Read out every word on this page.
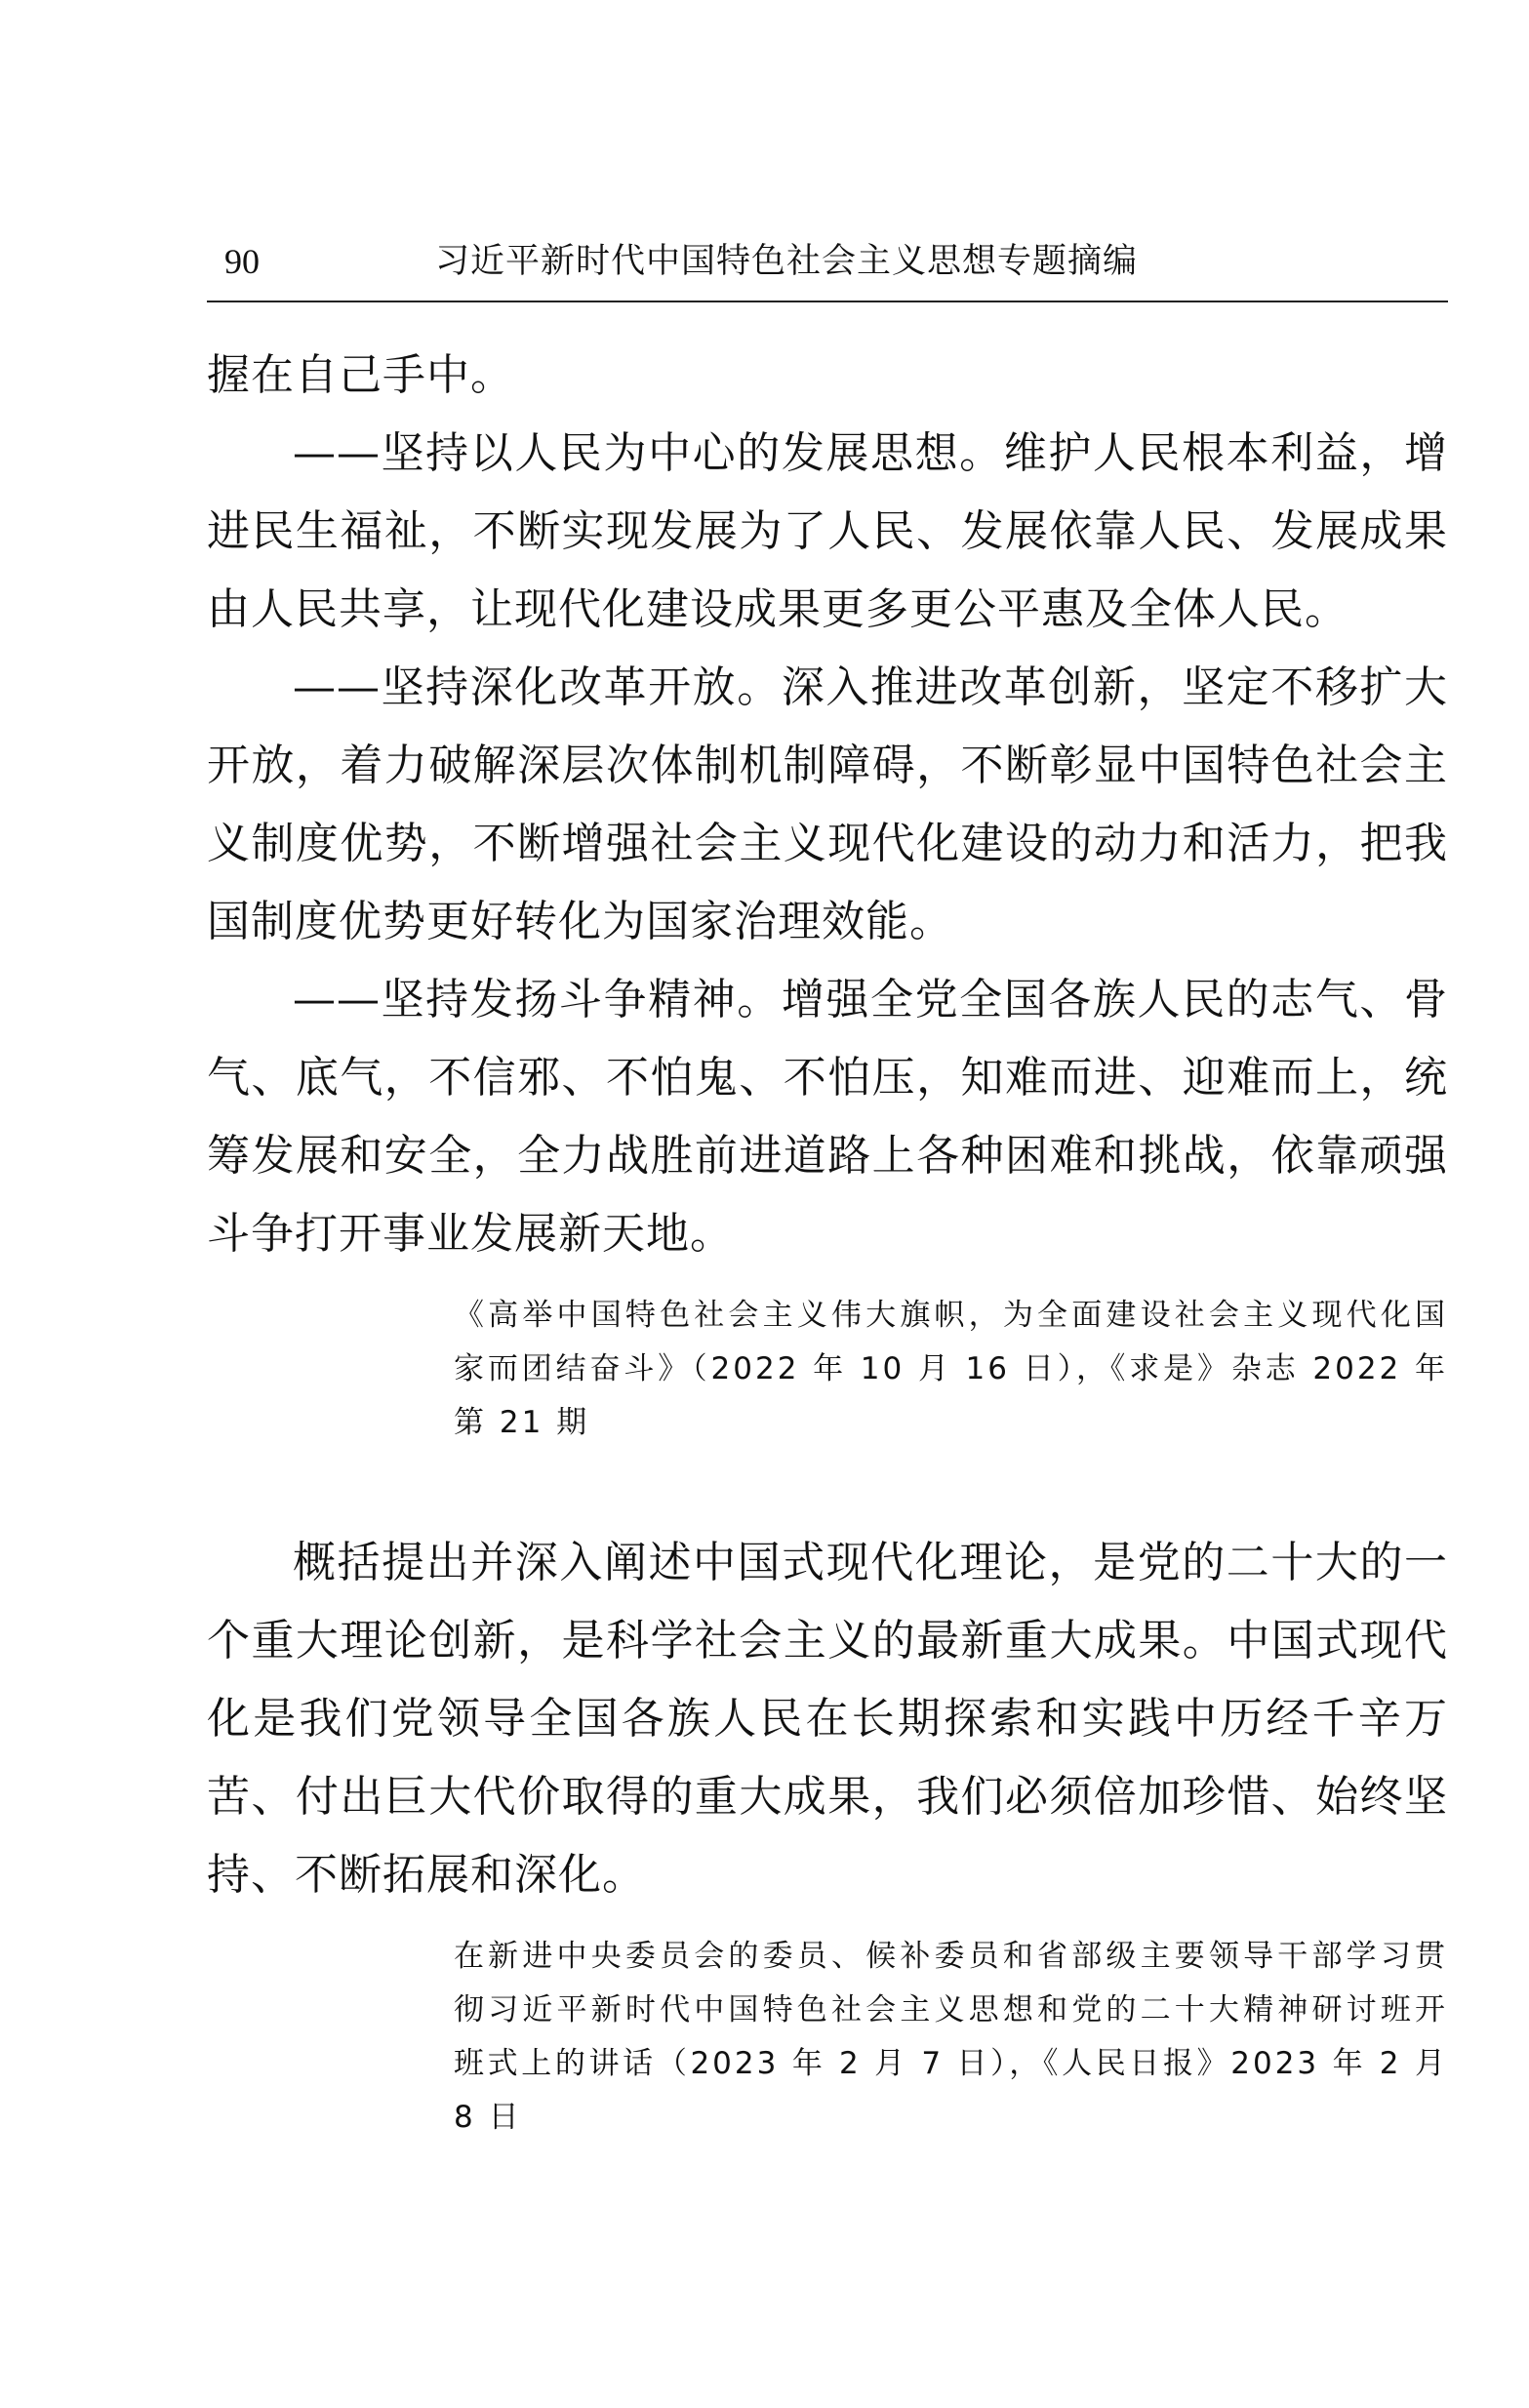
90	习近平新时代中国特色社会主义思想专题摘编

握在自己手中。

——坚持以人民为中心的发展思想。维护人民根本利益，增进民生福祉，不断实现发展为了人民、发展依靠人民、发展成果由人民共享，让现代化建设成果更多更公平惠及全体人民。

——坚持深化改革开放。深入推进改革创新，坚定不移扩大开放，着力破解深层次体制机制障碍，不断彰显中国特色社会主义制度优势，不断增强社会主义现代化建设的动力和活力，把我国制度优势更好转化为国家治理效能。

——坚持发扬斗争精神。增强全党全国各族人民的志气、骨气、底气，不信邪、不怕鬼、不怕压，知难而进、迎难而上，统筹发展和安全，全力战胜前进道路上各种困难和挑战，依靠顽强斗争打开事业发展新天地。

《高举中国特色社会主义伟大旗帜，为全面建设社会主义现代化国家而团结奋斗》（2022 年 10 月 16 日），《求是》杂志 2022 年第 21 期

概括提出并深入阐述中国式现代化理论，是党的二十大的一个重大理论创新，是科学社会主义的最新重大成果。中国式现代化是我们党领导全国各族人民在长期探索和实践中历经千辛万苦、付出巨大代价取得的重大成果，我们必须倍加珍惜、始终坚持、不断拓展和深化。

在新进中央委员会的委员、候补委员和省部级主要领导干部学习贯彻习近平新时代中国特色社会主义思想和党的二十大精神研讨班开班式上的讲话（2023 年 2 月 7 日），《人民日报》2023 年 2 月 8 日
